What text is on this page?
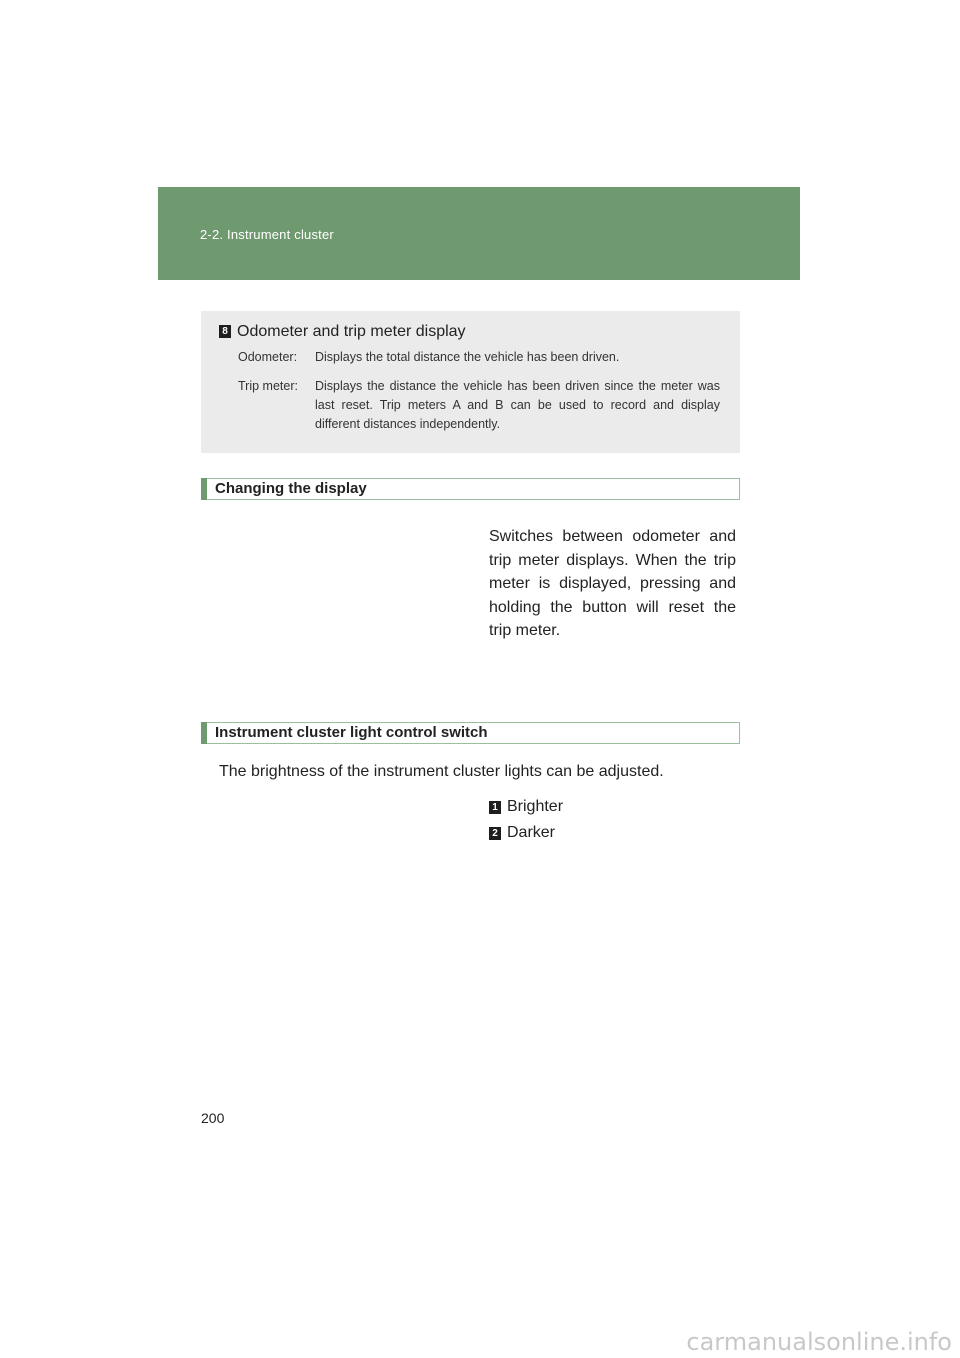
2-2. Instrument cluster
8 Odometer and trip meter display
Odometer: Displays the total distance the vehicle has been driven.
Trip meter: Displays the distance the vehicle has been driven since the meter was last reset. Trip meters A and B can be used to record and display different distances independently.
Changing the display
Switches between odometer and trip meter displays. When the trip meter is displayed, pressing and holding the button will reset the trip meter.
Instrument cluster light control switch
The brightness of the instrument cluster lights can be adjusted.
1 Brighter
2 Darker
200
carmanualsonline.info
